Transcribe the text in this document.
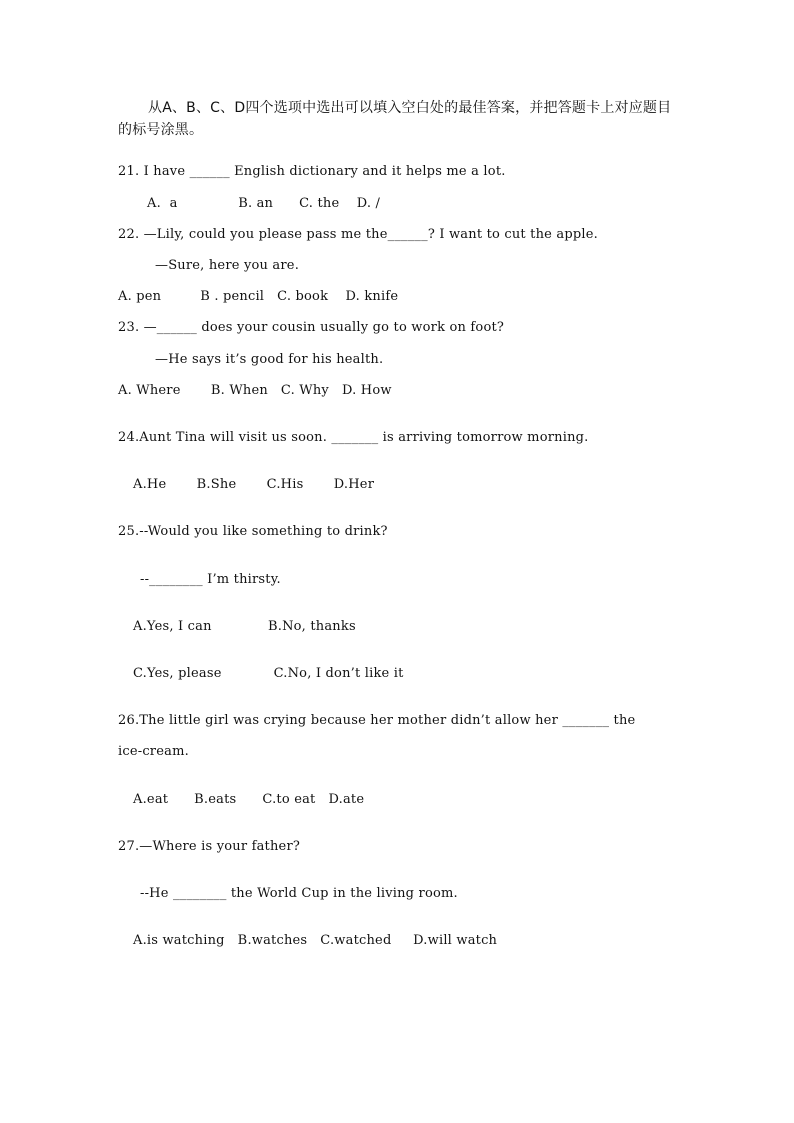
从A、B、C、D四个选项中选出可以填入空白处的最佳答案，并把答题卡上对应题目的标号涂黑。
21. I have ______ English dictionary and it helps me a lot.
A.  a              B. an      C. the    D. /
22. —Lily, could you please pass me the______? I want to cut the apple.
—Sure, here you are.
A. pen         B . pencil   C. book    D. knife
23. —______ does your cousin usually go to work on foot?
—He says it’s good for his health.
A. Where       B. When   C. Why   D. How
24.Aunt Tina will visit us soon. _______ is arriving tomorrow morning.
A.He       B.She       C.His       D.Her
25.--Would you like something to drink?
--________ I’m thirsty.
A.Yes, I can             B.No, thanks
C.Yes, please            C.No, I don’t like it
26.The little girl was crying because her mother didn’t allow her _______ the
ice-cream.
A.eat      B.eats      C.to eat   D.ate
27.—Where is your father?
--He ________ the World Cup in the living room.
A.is watching   B.watches   C.watched     D.will watch
